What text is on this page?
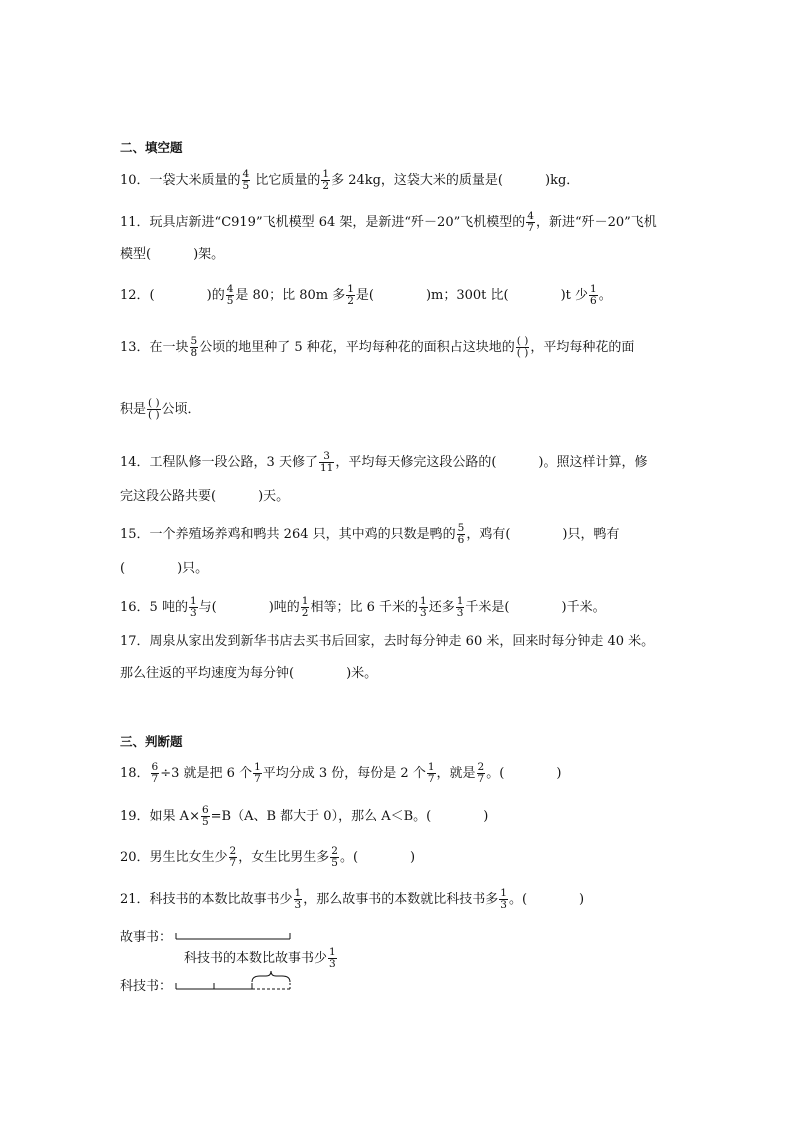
二、填空题
10．一袋大米质量的 $\frac{4}{5}$ 比它质量的 $\frac{1}{2}$ 多 24kg，这袋大米的质量是(	)kg．
11．玩具店新进“C919”飞机模型 64 架，是新进“歼－20”飞机模型的 $\frac{4}{7}$ ，新进“歼－20”飞机
模型(	)架。
12．(	)的 $\frac{4}{5}$ 是 80；比 80m 多 $\frac{1}{2}$ 是(	)m；300t 比(	)t 少 $\frac{1}{6}$ 。
13．在一块 $\frac{5}{8}$ 公顷的地里种了 5 种花，平均每种花的面积占这块地的 $\frac{( )}{( )}$ ，平均每种花的面
积是 $\frac{( )}{( )}$ 公顷．
14．工程队修一段公路，3 天修了 $\frac{3}{11}$ ，平均每天修完这段公路的(	)。照这样计算，修
完这段公路共要(	)天。
15．一个养殖场养鸡和鸭共 264 只，其中鸡的只数是鸭的 $\frac{5}{6}$ ，鸡有(	)只，鸭有
(	)只。
16．5 吨的 $\frac{1}{3}$ 与(	)吨的 $\frac{1}{2}$ 相等；比 6 千米的 $\frac{1}{3}$ 还多 $\frac{1}{3}$ 千米是(	)千米。
17．周泉从家出发到新华书店去买书后回家，去时每分钟走 60 米，回来时每分钟走 40 米。
那么往返的平均速度为每分钟(	)米。
三、判断题
18． $\frac{6}{7} \div 3$ 就是把 6 个 $\frac{1}{7}$ 平均分成 3 份，每份是 2 个 $\frac{1}{7}$ ，就是 $\frac{2}{7}$ 。(	)
19．如果 $A\times \frac{6}{5} =B(A$、B 都大于 0），那么 A＜B。(	)
20．男生比女生少 $\frac{2}{7}$ ，女生比男生多 $\frac{2}{5}$ 。(	)
21．科技书的本数比故事书少 $\frac{1}{3}$ ，那么故事书的本数就比科技书多 $\frac{1}{3}$ 。(	)
故事书：
科技书的本数比故事书少 $\frac{1}{3}$
科技书：
